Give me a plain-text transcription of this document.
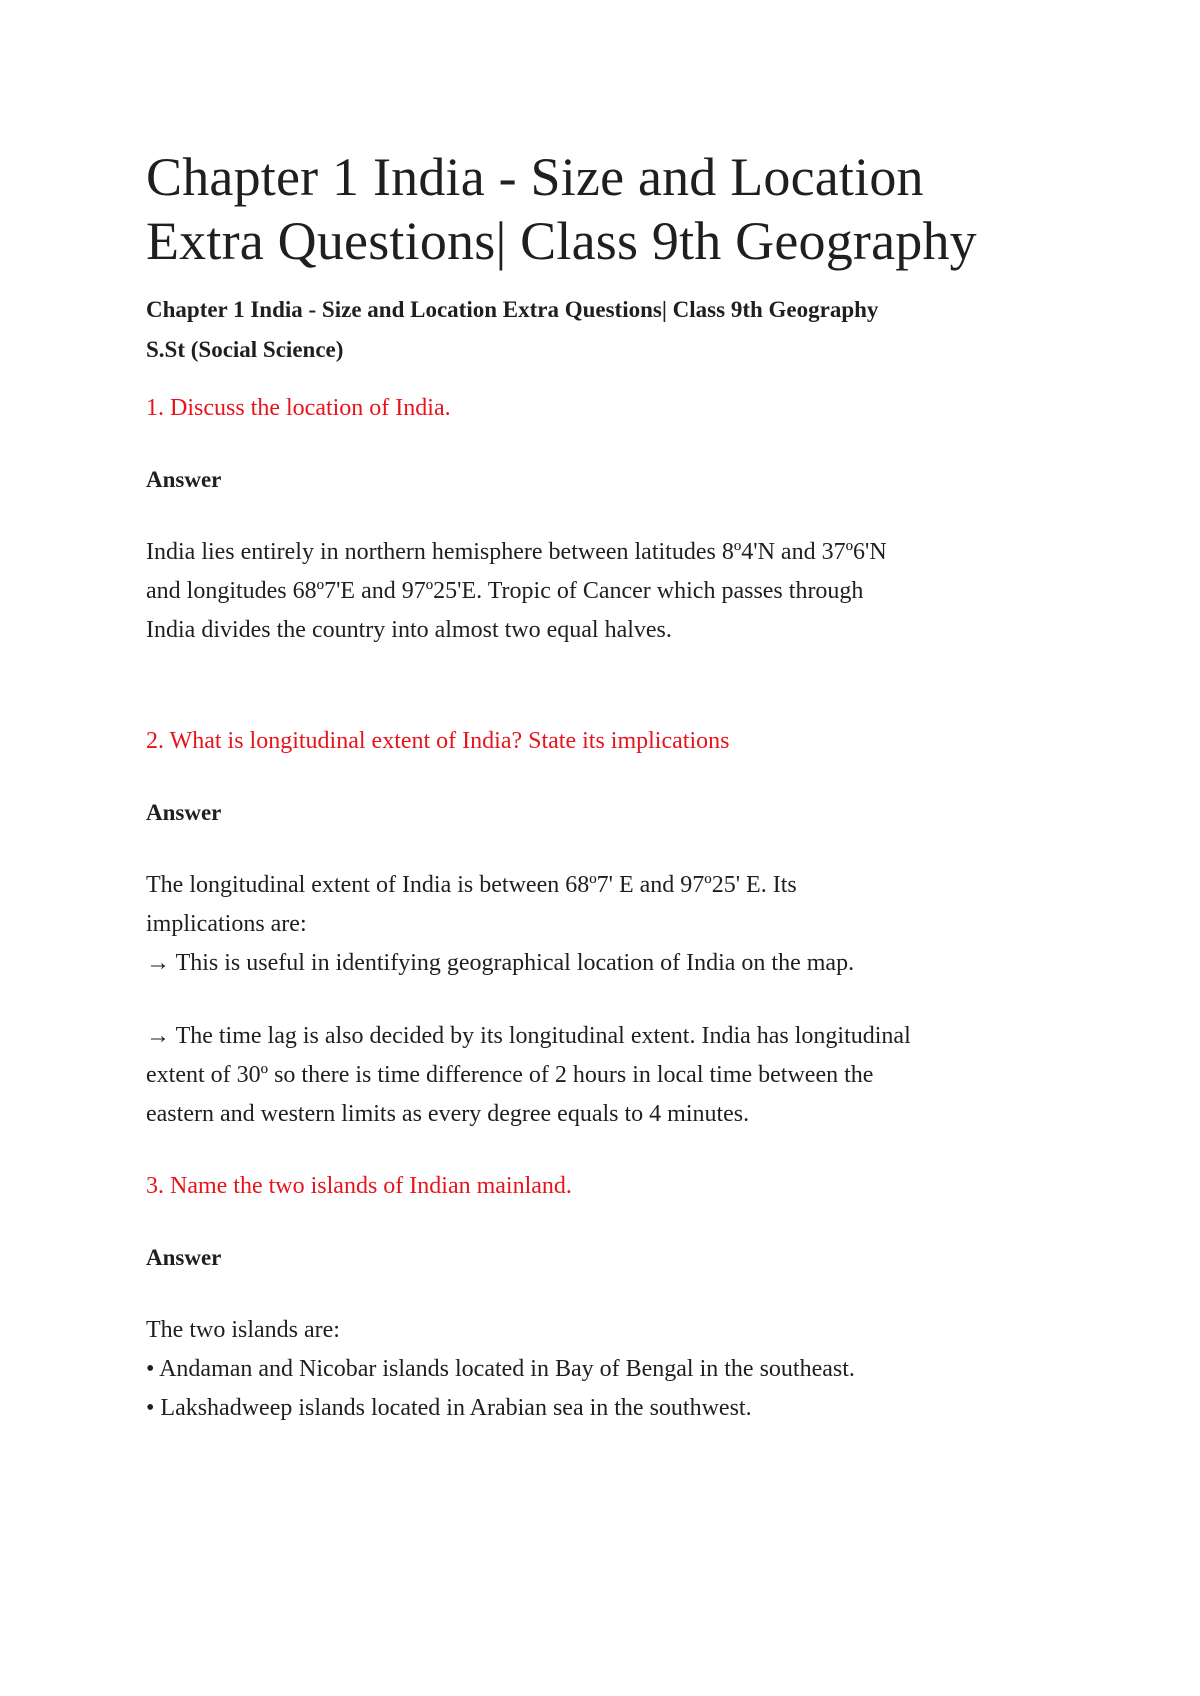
Chapter 1 India - Size and Location
Extra Questions| Class 9th Geography

Chapter 1 India - Size and Location Extra Questions| Class 9th Geography
S.St (Social Science)

1. Discuss the location of India.

Answer

India lies entirely in northern hemisphere between latitudes 8º4'N and 37º6'N
and longitudes 68º7'E and 97º25'E. Tropic of Cancer which passes through
India divides the country into almost two equal halves.

2. What is longitudinal extent of India? State its implications

Answer

The longitudinal extent of India is between 68º7' E and 97º25' E. Its
implications are:
→ This is useful in identifying geographical location of India on the map.

→ The time lag is also decided by its longitudinal extent. India has longitudinal
extent of 30º so there is time difference of 2 hours in local time between the
eastern and western limits as every degree equals to 4 minutes.

3. Name the two islands of Indian mainland.

Answer

The two islands are:
• Andaman and Nicobar islands located in Bay of Bengal in the southeast.
• Lakshadweep islands located in Arabian sea in the southwest.
